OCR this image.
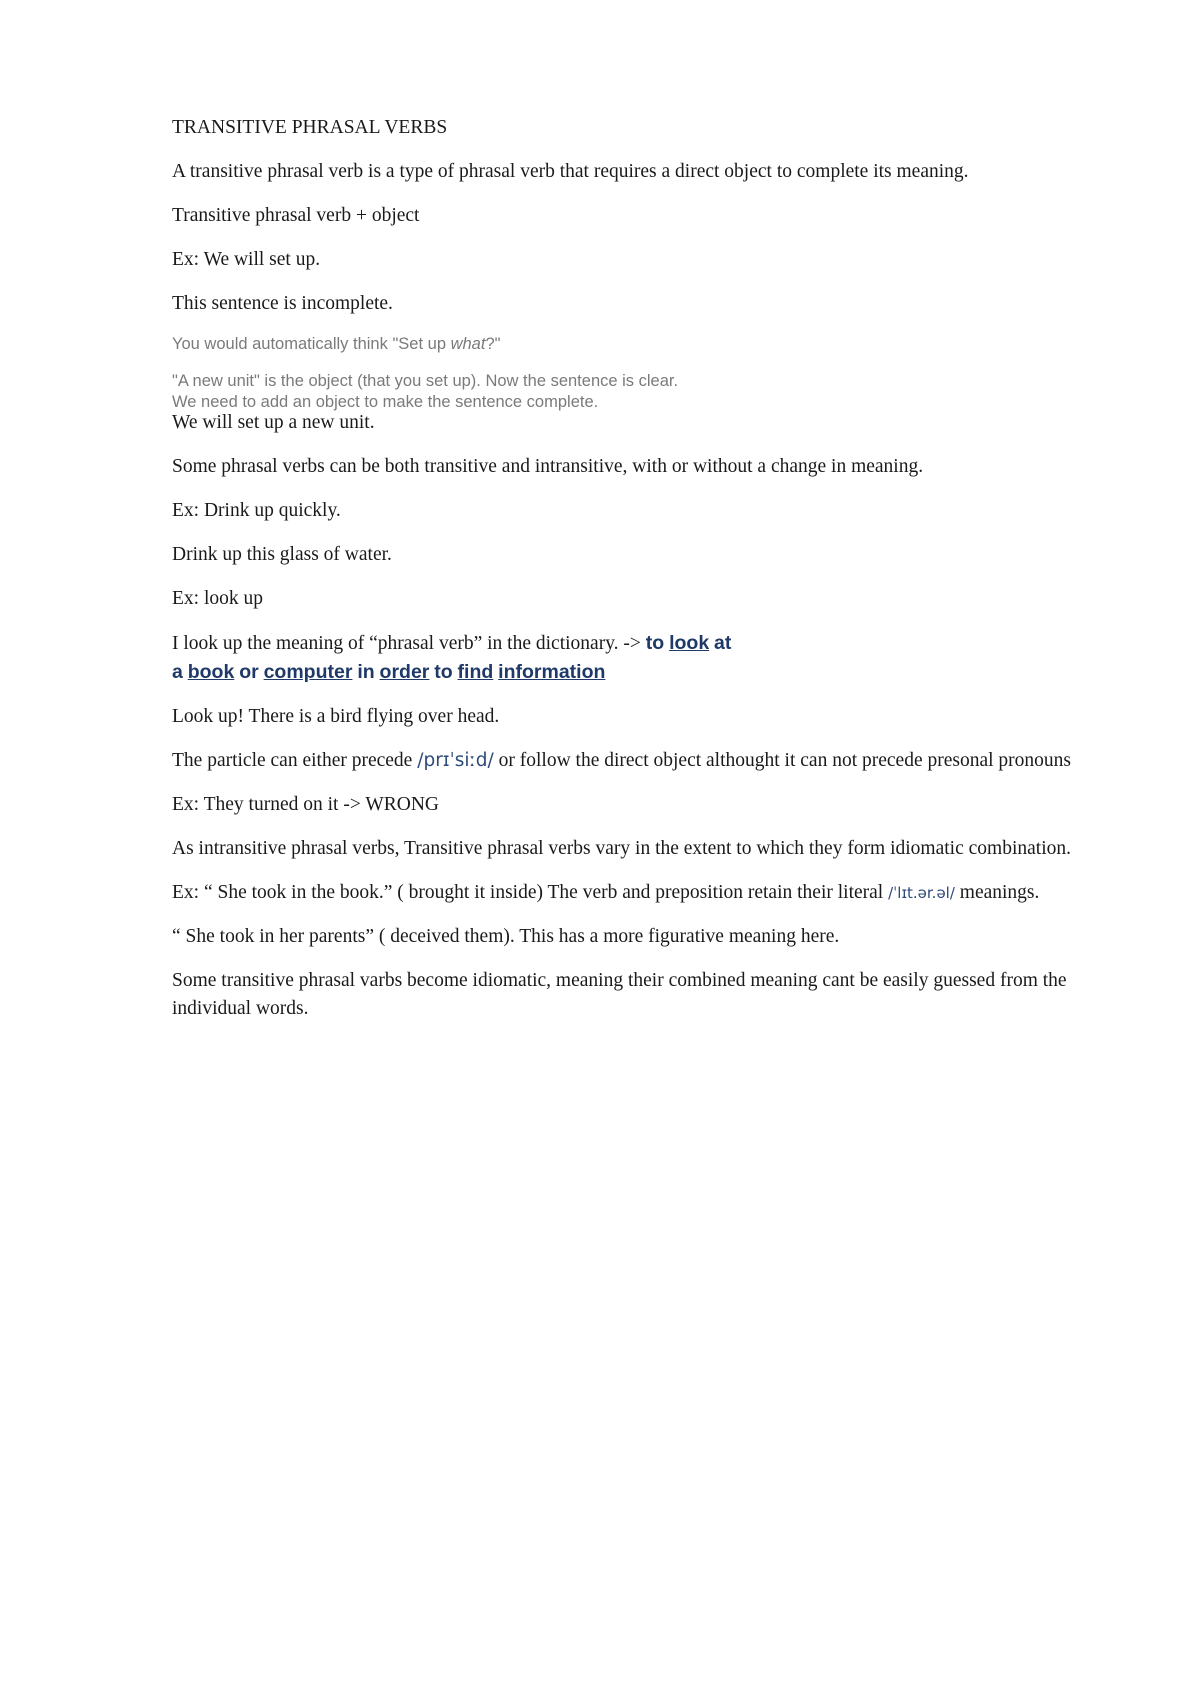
TRANSITIVE PHRASAL VERBS

A transitive phrasal verb is a type of phrasal verb that requires a direct object to complete its meaning.

Transitive phrasal verb + object

Ex: We will set up.

This sentence is incomplete.

You would automatically think "Set up what?"

"A new unit" is the object (that you set up). Now the sentence is clear.
We need to add an object to make the sentence complete.

We will set up a new unit.

Some phrasal verbs can be both transitive and intransitive, with or without a change in meaning.

Ex: Drink up quickly.

Drink up this glass of water.

Ex: look up

I look up the meaning of “phrasal verb” in the dictionary. -> to look at
a book or computer in order to find information

Look up! There is a bird flying over head.

The particle can either precede /prɪˈsiːd/ or follow the direct object althought it can not precede presonal pronouns

Ex: They turned on it -> WRONG

As intransitive phrasal verbs, Transitive phrasal verbs vary in the extent to which they form idiomatic combination.

Ex: “ She took in the book.” ( brought it inside) The verb and preposition retain their literal /ˈlɪt.ər.əl/ meanings.

“ She took in her parents” ( deceived them). This has a more figurative meaning here.

Some transitive phrasal varbs become idiomatic, meaning their combined meaning cant be easily guessed from the individual words.
